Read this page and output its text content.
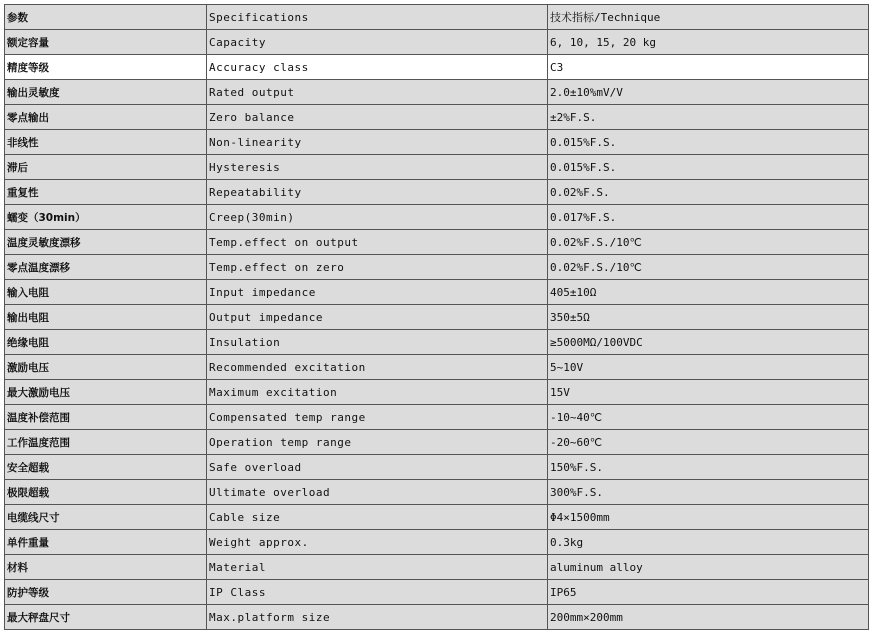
参数	Specifications	技术指标/Technique
额定容量	Capacity	6, 10, 15, 20 kg
精度等级	Accuracy class	C3
输出灵敏度	Rated output	2.0±10%mV/V
零点输出	Zero balance	±2%F.S.
非线性	Non-linearity	0.015%F.S.
滞后	Hysteresis	0.015%F.S.
重复性	Repeatability	0.02%F.S.
蠕变（30min）	Creep(30min)	0.017%F.S.
温度灵敏度漂移	Temp.effect on output	0.02%F.S./10℃
零点温度漂移	Temp.effect on zero	0.02%F.S./10℃
输入电阻	Input impedance	405±10Ω
输出电阻	Output impedance	350±5Ω
绝缘电阻	Insulation	≥5000MΩ/100VDC
激励电压	Recommended excitation	5~10V
最大激励电压	Maximum excitation	15V
温度补偿范围	Compensated temp range	-10~40℃
工作温度范围	Operation temp range	-20~60℃
安全超载	Safe overload	150%F.S.
极限超载	Ultimate overload	300%F.S.
电缆线尺寸	Cable size	Φ4×1500mm
单件重量	Weight approx.	0.3kg
材料	Material	aluminum alloy
防护等级	IP Class	IP65
最大秤盘尺寸	Max.platform size	200mm×200mm
